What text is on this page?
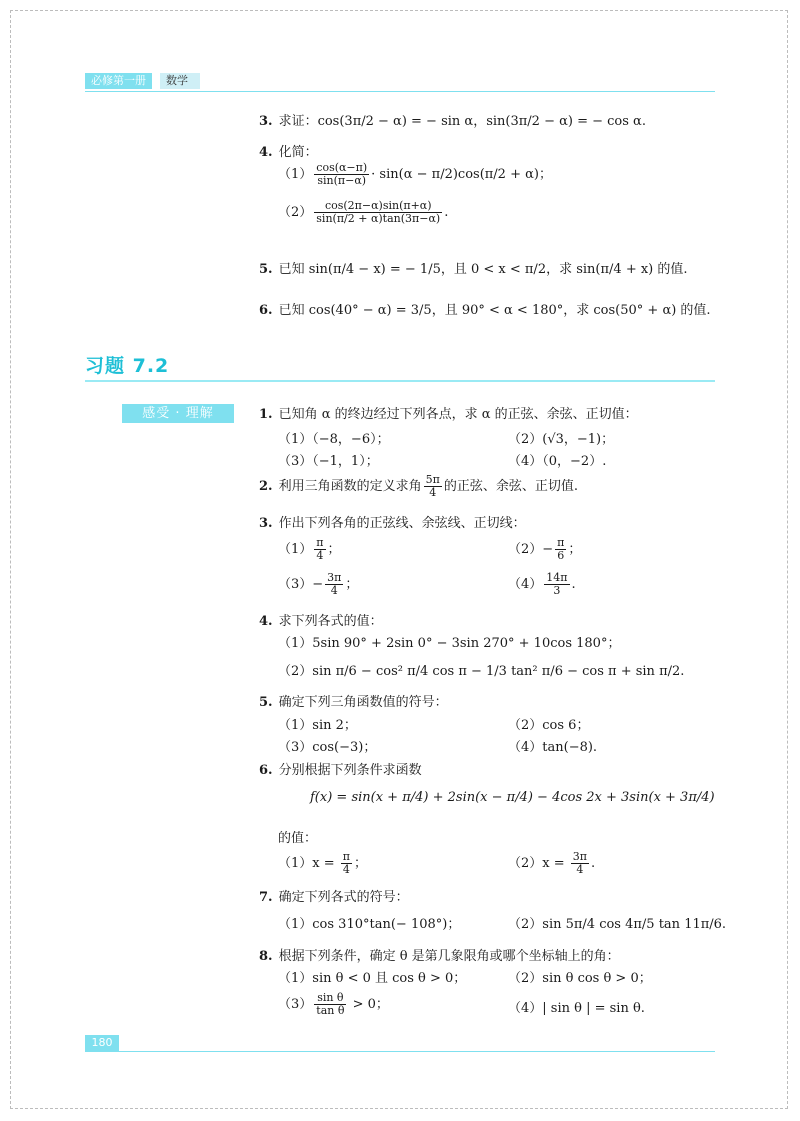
必修第一册	数学
3. 求证：cos(3π/2 − α) = − sin α，sin(3π/2 − α) = − cos α.
4. 化简：
$(1) \frac{\cos(\alpha-\pi)}{\sin(\pi-\alpha)} \cdot \sin(\alpha - \pi/2)\cos(\pi/2 + \alpha)$；
$(2) \frac{\cos(2\pi-\alpha)\sin(\pi+\alpha)}{\sin(\pi/2 + \alpha)\tan(3\pi-\alpha)}$ .
5. 已知 sin(π/4 − x) = − 1/5，且 0 < x < π/2，求 sin(π/4 + x) 的值.
6. 已知 cos(40° − α) = 3/5，且 90° < α < 180°，求 cos(50° + α) 的值.
习题 7.2
感受 · 理解	1. 已知角 α 的终边经过下列各点，求 α 的正弦、余弦、正切值：
（1）（−8，−6）；	（2）(√3，−1)；
（3）（−1，1）；	（4）（0，−2）.
2. 利用三角函数的定义求角 $\frac{5\pi}{4}$ 的正弦、余弦、正切值.
3. 作出下列各角的正弦线、余弦线、正切线：
$(1) \frac{\pi}{4}$ ；	$(2)- \frac{\pi}{6}$ ；
$(3)- \frac{3\pi}{4}$ ；	$(4) \frac{14\pi}{3}$ .
4. 求下列各式的值：
（1）5sin 90° + 2sin 0° − 3sin 270° + 10cos 180°；
（2）sin π/6 − cos² π/4 cos π − 1/3 tan² π/6 − cos π + sin π/2.
5. 确定下列三角函数值的符号：
（1）sin 2；	（2）cos 6；
（3）cos(−3)；	（4）tan(−8).
6. 分别根据下列条件求函数
f(x) = sin(x + π/4) + 2sin(x − π/4) − 4cos 2x + 3sin(x + 3π/4)
的值：
$(1)x = \frac{\pi}{4}$ ；	$(2)x = \frac{3\pi}{4}$ .
7. 确定下列各式的符号：
（1）cos 310°tan(− 108°)；	（2）sin 5π/4 cos 4π/5 tan 11π/6.
8. 根据下列条件，确定 θ 是第几象限角或哪个坐标轴上的角：
（1）sin θ < 0 且 cos θ > 0；	（2）sin θ cos θ > 0；
$(3) \frac{\text{sin θ}}{\text{tan θ}} > 0$；	（4）| sin θ | = sin θ.
180
